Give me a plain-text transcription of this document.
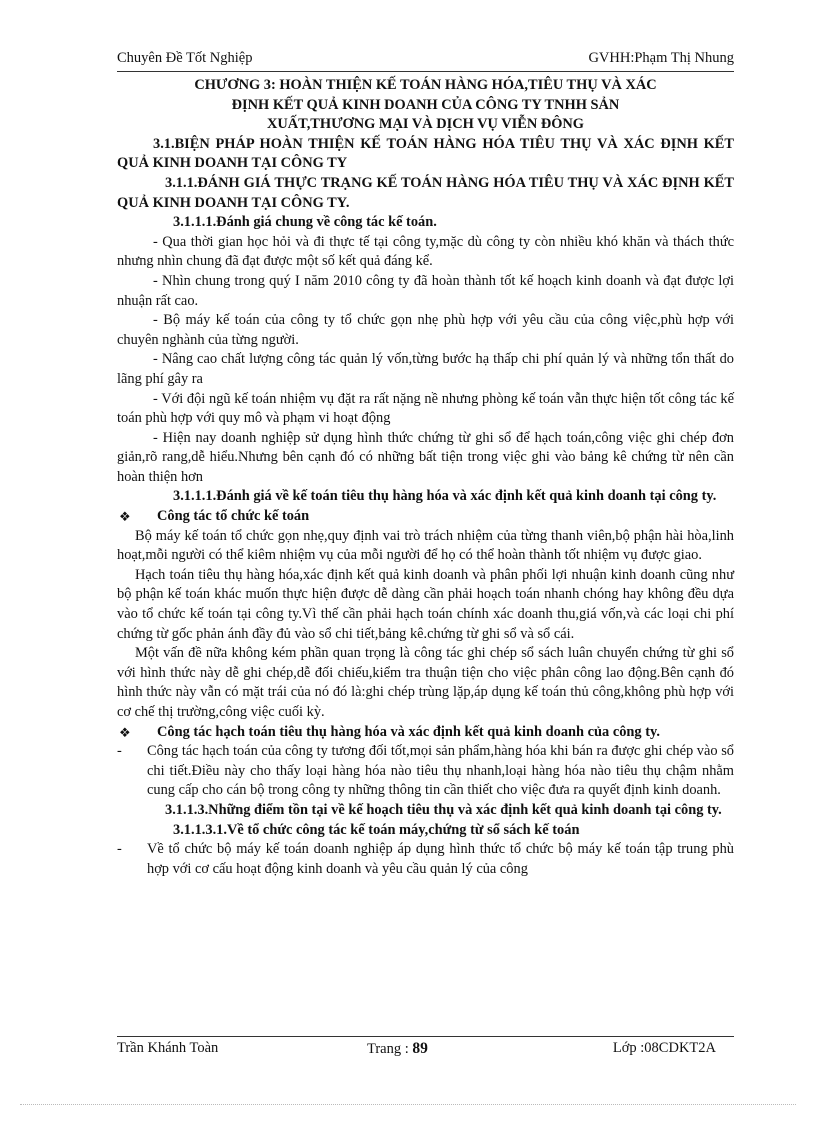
Chuyên Đề Tốt Nghiệp	GVHH:Phạm Thị Nhung

CHƯƠNG 3: HOÀN THIỆN KẾ TOÁN HÀNG HÓA,TIÊU THỤ VÀ XÁC

ĐỊNH KẾT QUẢ KINH DOANH CỦA CÔNG TY TNHH SẢN

XUẤT,THƯƠNG MẠI VÀ DỊCH VỤ VIỄN ĐÔNG

3.1.BIỆN PHÁP HOÀN THIỆN KẾ TOÁN HÀNG HÓA TIÊU THỤ VÀ XÁC ĐỊNH KẾT QUẢ KINH DOANH TẠI CÔNG TY

3.1.1.ĐÁNH GIÁ THỰC TRẠNG KẾ TOÁN HÀNG HÓA TIÊU THỤ VÀ XÁC ĐỊNH KẾT QUẢ KINH DOANH TẠI CÔNG TY.

3.1.1.1.Đánh giá chung về công tác kế toán.

- Qua thời gian học hỏi và đi thực tế tại công ty,mặc dù công ty còn nhiều khó khăn và thách thức nhưng nhìn chung đã đạt được một số kết quả đáng kể.

- Nhìn chung trong quý I năm 2010 công ty đã hoàn thành tốt kế hoạch kinh doanh và đạt được lợi nhuận rất cao.

- Bộ máy kế toán của công ty tổ chức gọn nhẹ phù hợp với yêu cầu của công việc,phù hợp với chuyên nghành của từng người.

- Nâng cao chất lượng công tác quản lý vốn,từng bước hạ thấp chi phí quản lý và những tổn thất do lãng phí gây ra

- Với đội ngũ kế toán nhiệm vụ đặt ra rất nặng nề nhưng phòng kế toán vẫn thực hiện tốt công tác kế toán phù hợp với quy mô và phạm vi hoạt động

- Hiện nay doanh nghiệp sử dụng hình thức chứng từ ghi sổ để hạch toán,công việc ghi chép đơn giản,rõ rang,dễ hiểu.Nhưng bên cạnh đó có những bất tiện trong việc ghi vào bảng kê chứng từ nên cần hoàn thiện hơn

3.1.1.1.Đánh giá về kế toán tiêu thụ hàng hóa và xác định kết quả kinh doanh tại công ty.

❖	Công tác tổ chức kế toán

Bộ máy kế toán tổ chức gọn nhẹ,quy định vai trò trách nhiệm của từng thanh viên,bộ phận hài hòa,linh hoạt,mỗi người có thể kiêm nhiệm vụ của mỗi người để họ có thể hoàn thành tốt nhiệm vụ được giao.

Hạch toán tiêu thụ hàng hóa,xác định kết quả kinh doanh và phân phối lợi nhuận kinh doanh cũng như bộ phận kế toán khác muốn thực hiện được dễ dàng cần phải hoạch toán nhanh chóng hay không đều dựa vào tổ chức kế toán tại công ty.Vì thế cần phải hạch toán chính xác doanh thu,giá vốn,và các loại chi phí chứng từ gốc phản ánh đầy đủ vào sổ chi tiết,bảng kê.chứng từ ghi sổ và sổ cái.

Một vấn đề nữa không kém phần quan trọng là công tác ghi chép sổ sách luân chuyển chứng từ ghi sổ với hình thức này dễ ghi chép,dễ đối chiếu,kiểm tra thuận tiện cho việc phân công lao động.Bên cạnh đó hình thức này vẫn có mặt trái của nó đó là:ghi chép trùng lặp,áp dụng kế toán thủ công,không phù hợp với cơ chế thị trường,công việc cuối kỳ.

❖	Công tác hạch toán tiêu thụ hàng hóa và xác định kết quả kinh doanh của công ty.
-	Công tác hạch toán của công ty tương đối tốt,mọi sản phẩm,hàng hóa khi bán ra được ghi chép vào sổ chi tiết.Điều này cho thấy loại hàng hóa nào tiêu thụ nhanh,loại hàng hóa nào tiêu thụ chậm nhằm cung cấp cho cán bộ trong công ty những thông tin cần thiết cho việc đưa ra quyết định kinh doanh.

3.1.1.3.Những điểm tồn tại về kế hoạch tiêu thụ và xác định kết quả kinh doanh tại công ty.

3.1.1.3.1.Về tổ chức công tác kế toán máy,chứng từ sổ sách kế toán

-	Về tổ chức bộ máy kế toán doanh nghiệp áp dụng hình thức tổ chức bộ máy kế toán tập trung phù hợp với cơ cấu hoạt động kinh doanh và yêu cầu quản lý của công
Trần Khánh Toàn	Trang : 89	Lớp :08CDKT2A
